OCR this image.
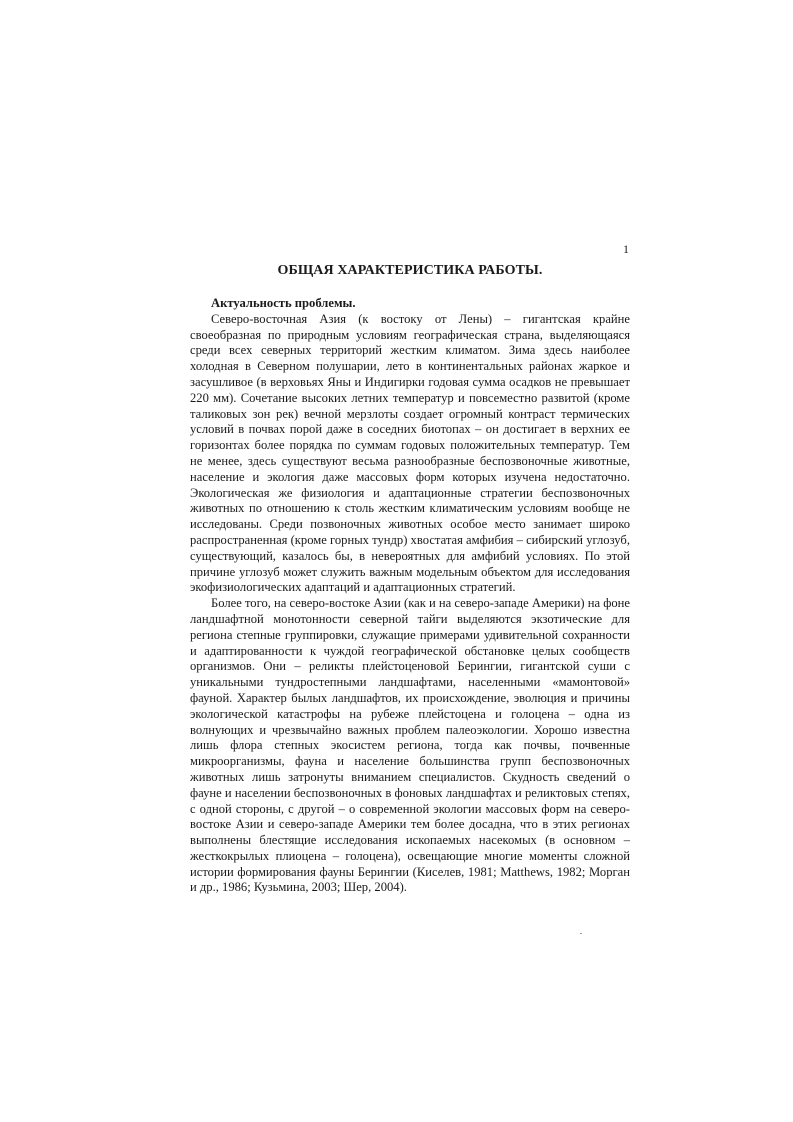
1
ОБЩАЯ ХАРАКТЕРИСТИКА РАБОТЫ.

Актуальность проблемы.

Северо-восточная Азия (к востоку от Лены) – гигантская крайне своеобразная по природным условиям географическая страна, выделяющаяся среди всех северных территорий жестким климатом. Зима здесь наиболее холодная в Северном полушарии, лето в континентальных районах жаркое и засушливое (в верховьях Яны и Индигирки годовая сумма осадков не превышает 220 мм). Сочетание высоких летних температур и повсеместно развитой (кроме таликовых зон рек) вечной мерзлоты создает огромный контраст термических условий в почвах порой даже в соседних биотопах – он достигает в верхних ее горизонтах более порядка по суммам годовых положительных температур. Тем не менее, здесь существуют весьма разнообразные беспозвоночные животные, население и экология даже массовых форм которых изучена недостаточно. Экологическая же физиология и адаптационные стратегии беспозвоночных животных по отношению к столь жестким климатическим условиям вообще не исследованы. Среди позвоночных животных особое место занимает широко распространенная (кроме горных тундр) хвостатая амфибия – сибирский углозуб, существующий, казалось бы, в невероятных для амфибий условиях. По этой причине углозуб может служить важным модельным объектом для исследования экофизиологических адаптаций и адаптационных стратегий.

Более того, на северо-востоке Азии (как и на северо-западе Америки) на фоне ландшафтной монотонности северной тайги выделяются экзотические для региона степные группировки, служащие примерами удивительной сохранности и адаптированности к чуждой географической обстановке целых сообществ организмов. Они – реликты плейстоценовой Берингии, гигантской суши с уникальными тундростепными ландшафтами, населенными «мамонтовой» фауной. Характер былых ландшафтов, их происхождение, эволюция и причины экологической катастрофы на рубеже плейстоцена и голоцена – одна из волнующих и чрезвычайно важных проблем палеоэкологии. Хорошо известна лишь флора степных экосистем региона, тогда как почвы, почвенные микроорганизмы, фауна и население большинства групп беспозвоночных животных лишь затронуты вниманием специалистов. Скудность сведений о фауне и населении беспозвоночных в фоновых ландшафтах и реликтовых степях, с одной стороны, с другой – о современной экологии массовых форм на северо-востоке Азии и северо-западе Америки тем более досадна, что в этих регионах выполнены блестящие исследования ископаемых насекомых (в основном – жесткокрылых плиоцена – голоцена), освещающие многие моменты сложной истории формирования фауны Берингии (Киселев, 1981; Matthews, 1982; Морган и др., 1986; Кузьмина, 2003; Шер, 2004).
